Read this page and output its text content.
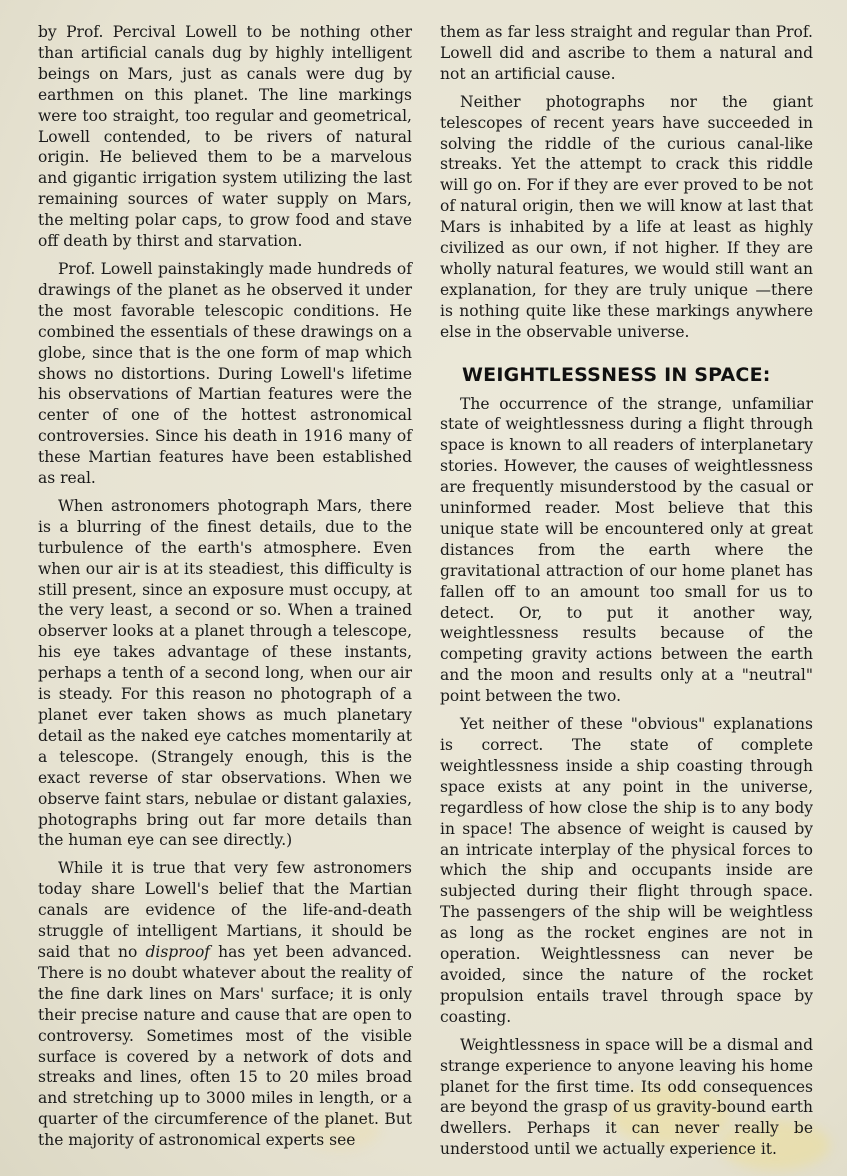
by Prof. Percival Lowell to be nothing other than artificial canals dug by highly intelligent beings on Mars, just as canals were dug by earthmen on this planet. The line markings were too straight, too regular and geometrical, Lowell contended, to be rivers of natural origin. He believed them to be a marvelous and gigantic irrigation system utilizing the last remaining sources of water supply on Mars, the melting polar caps, to grow food and stave off death by thirst and starvation.

Prof. Lowell painstakingly made hundreds of drawings of the planet as he observed it under the most favorable telescopic conditions. He combined the essentials of these drawings on a globe, since that is the one form of map which shows no distortions. During Lowell's lifetime his observations of Martian features were the center of one of the hottest astronomical controversies. Since his death in 1916 many of these Martian features have been established as real.

When astronomers photograph Mars, there is a blurring of the finest details, due to the turbulence of the earth's atmosphere. Even when our air is at its steadiest, this difficulty is still present, since an exposure must occupy, at the very least, a second or so. When a trained observer looks at a planet through a telescope, his eye takes advantage of these instants, perhaps a tenth of a second long, when our air is steady. For this reason no photograph of a planet ever taken shows as much planetary detail as the naked eye catches momentarily at a telescope. (Strangely enough, this is the exact reverse of star observations. When we observe faint stars, nebulae or distant galaxies, photographs bring out far more details than the human eye can see directly.)

While it is true that very few astronomers today share Lowell's belief that the Martian canals are evidence of the life-and-death struggle of intelligent Martians, it should be said that no disproof has yet been advanced. There is no doubt whatever about the reality of the fine dark lines on Mars' surface; it is only their precise nature and cause that are open to controversy. Sometimes most of the visible surface is covered by a network of dots and streaks and lines, often 15 to 20 miles broad and stretching up to 3000 miles in length, or a quarter of the circumference of the planet. But the majority of astronomical experts see

them as far less straight and regular than Prof. Lowell did and ascribe to them a natural and not an artificial cause.

Neither photographs nor the giant telescopes of recent years have succeeded in solving the riddle of the curious canal-like streaks. Yet the attempt to crack this riddle will go on. For if they are ever proved to be not of natural origin, then we will know at last that Mars is inhabited by a life at least as highly civilized as our own, if not higher. If they are wholly natural features, we would still want an explanation, for they are truly unique —there is nothing quite like these markings anywhere else in the observable universe.

WEIGHTLESSNESS IN SPACE:

The occurrence of the strange, unfamiliar state of weightlessness during a flight through space is known to all readers of interplanetary stories. However, the causes of weightlessness are frequently misunderstood by the casual or uninformed reader. Most believe that this unique state will be encountered only at great distances from the earth where the gravitational attraction of our home planet has fallen off to an amount too small for us to detect. Or, to put it another way, weightlessness results because of the competing gravity actions between the earth and the moon and results only at a "neutral" point between the two.

Yet neither of these "obvious" explanations is correct. The state of complete weightlessness inside a ship coasting through space exists at any point in the universe, regardless of how close the ship is to any body in space! The absence of weight is caused by an intricate interplay of the physical forces to which the ship and occupants inside are subjected during their flight through space. The passengers of the ship will be weightless as long as the rocket engines are not in operation. Weightlessness can never be avoided, since the nature of the rocket propulsion entails travel through space by coasting.

Weightlessness in space will be a dismal and strange experience to anyone leaving his home planet for the first time. Its odd consequences are beyond the grasp of us gravity-bound earth dwellers. Perhaps it can never really be understood until we actually experience it.
